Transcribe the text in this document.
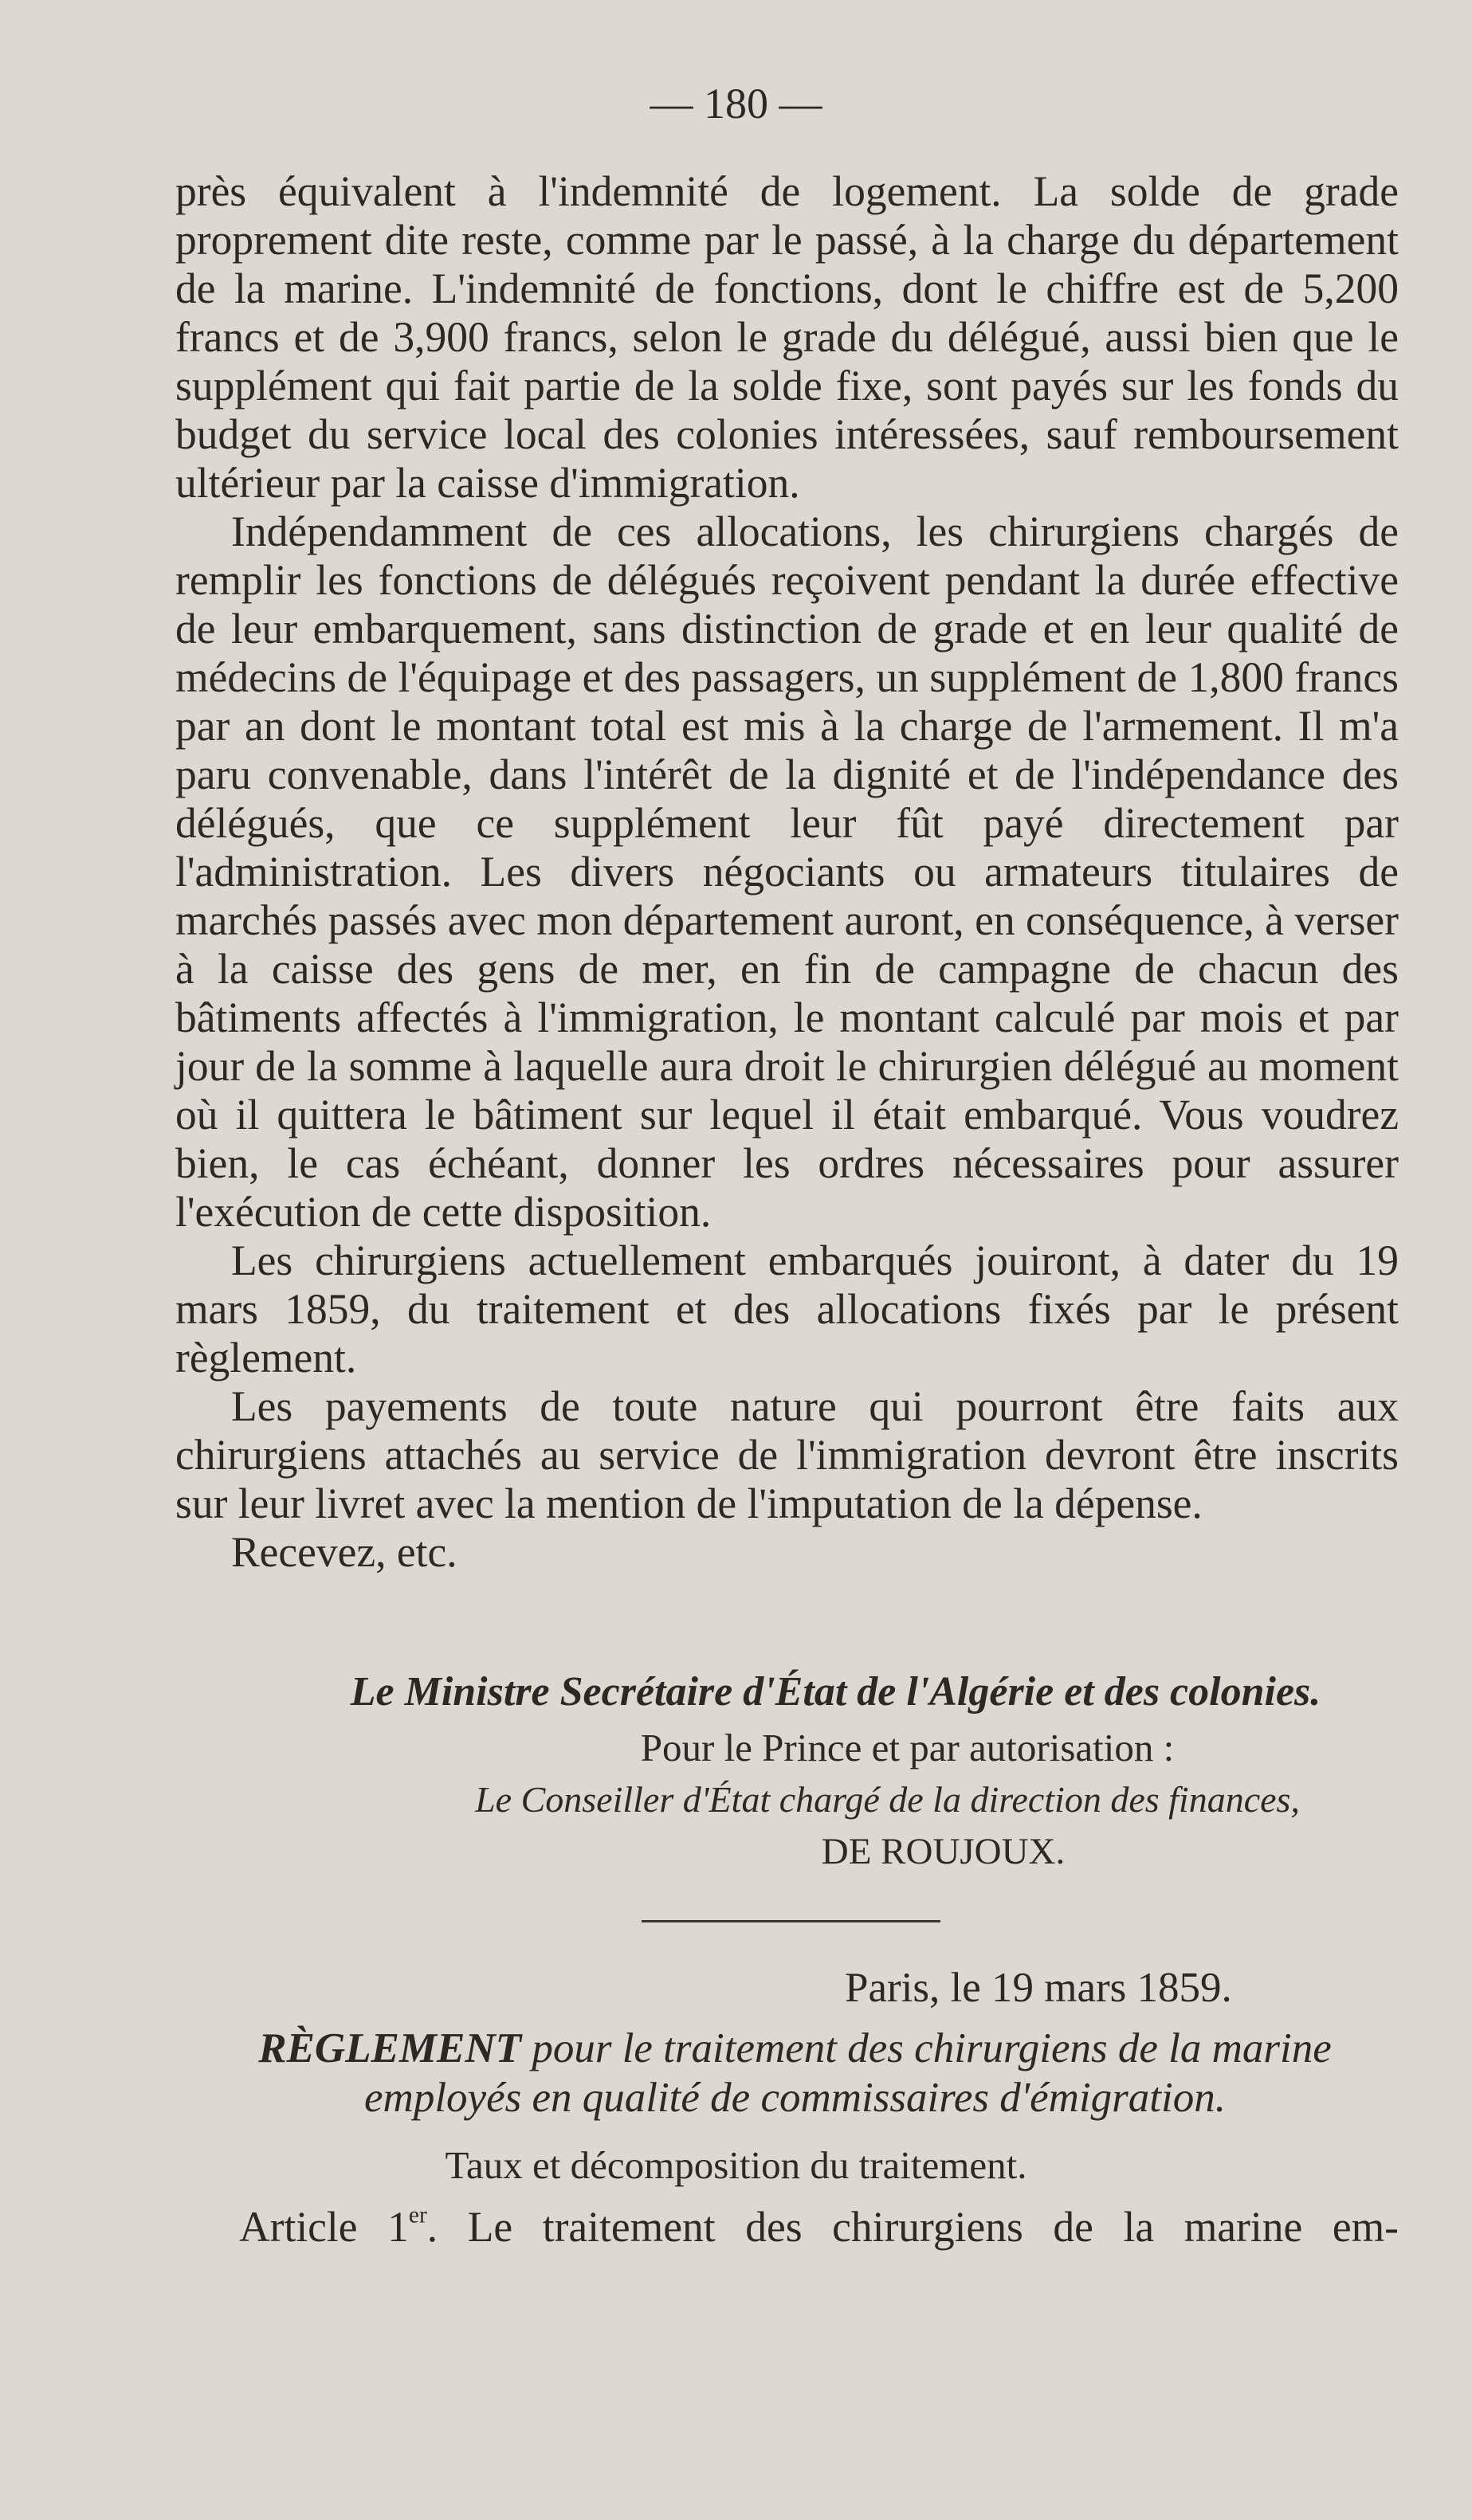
— 180 —

près équivalent à l'indemnité de logement. La solde de grade proprement dite reste, comme par le passé, à la charge du département de la marine. L'indemnité de fonctions, dont le chiffre est de 5,200 francs et de 3,900 francs, selon le grade du délégué, aussi bien que le supplément qui fait partie de la solde fixe, sont payés sur les fonds du budget du service local des colonies intéressées, sauf remboursement ultérieur par la caisse d'immigration.

Indépendamment de ces allocations, les chirurgiens chargés de remplir les fonctions de délégués reçoivent pendant la durée effective de leur embarquement, sans distinction de grade et en leur qualité de médecins de l'équipage et des passagers, un supplément de 1,800 francs par an dont le montant total est mis à la charge de l'armement. Il m'a paru convenable, dans l'intérêt de la dignité et de l'indépendance des délégués, que ce supplément leur fût payé directement par l'administration. Les divers négociants ou armateurs titulaires de marchés passés avec mon département auront, en conséquence, à verser à la caisse des gens de mer, en fin de campagne de chacun des bâtiments affectés à l'immigration, le montant calculé par mois et par jour de la somme à laquelle aura droit le chirurgien délégué au moment où il quittera le bâtiment sur lequel il était embarqué. Vous voudrez bien, le cas échéant, donner les ordres nécessaires pour assurer l'exécution de cette disposition.

Les chirurgiens actuellement embarqués jouiront, à dater du 19 mars 1859, du traitement et des allocations fixés par le présent règlement.

Les payements de toute nature qui pourront être faits aux chirurgiens attachés au service de l'immigration devront être inscrits sur leur livret avec la mention de l'imputation de la dépense.

Recevez, etc.

Le Ministre Secrétaire d'État de l'Algérie et des colonies.
Pour le Prince et par autorisation :
Le Conseiller d'État chargé de la direction des finances,
DE ROUJOUX.
Paris, le 19 mars 1859.
RÈGLEMENT pour le traitement des chirurgiens de la marine employés en qualité de commissaires d'émigration.
Taux et décomposition du traitement.
Article 1er. Le traitement des chirurgiens de la marine em-
